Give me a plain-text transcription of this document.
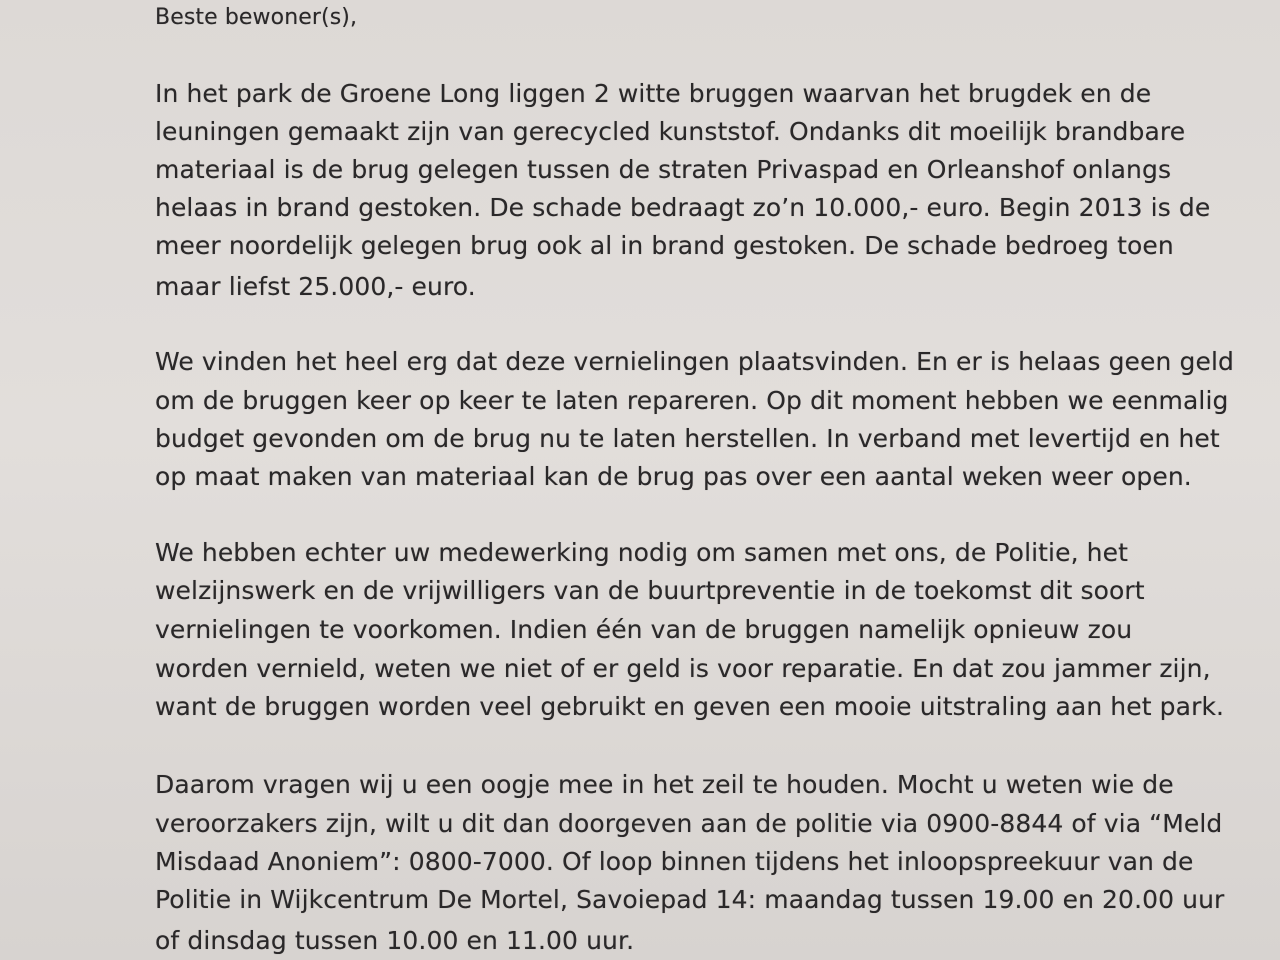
Beste bewoner(s),
In het park de Groene Long liggen 2 witte bruggen waarvan het brugdek en de
leuningen gemaakt zijn van gerecycled kunststof. Ondanks dit moeilijk brandbare
materiaal is de brug gelegen tussen de straten Privaspad en Orleanshof onlangs
helaas in brand gestoken. De schade bedraagt zo’n 10.000,- euro. Begin 2013 is de
meer noordelijk gelegen brug ook al in brand gestoken. De schade bedroeg toen
maar liefst 25.000,- euro.
We vinden het heel erg dat deze vernielingen plaatsvinden. En er is helaas geen geld
om de bruggen keer op keer te laten repareren. Op dit moment hebben we eenmalig
budget gevonden om de brug nu te laten herstellen. In verband met levertijd en het
op maat maken van materiaal kan de brug pas over een aantal weken weer open.
We hebben echter uw medewerking nodig om samen met ons, de Politie, het
welzijnswerk en de vrijwilligers van de buurtpreventie in de toekomst dit soort
vernielingen te voorkomen. Indien één van de bruggen namelijk opnieuw zou
worden vernield, weten we niet of er geld is voor reparatie. En dat zou jammer zijn,
want de bruggen worden veel gebruikt en geven een mooie uitstraling aan het park.
Daarom vragen wij u een oogje mee in het zeil te houden. Mocht u weten wie de
veroorzakers zijn, wilt u dit dan doorgeven aan de politie via 0900-8844 of via “Meld
Misdaad Anoniem”: 0800-7000. Of loop binnen tijdens het inloopspreekuur van de
Politie in Wijkcentrum De Mortel, Savoiepad 14: maandag tussen 19.00 en 20.00 uur
of dinsdag tussen 10.00 en 11.00 uur.
